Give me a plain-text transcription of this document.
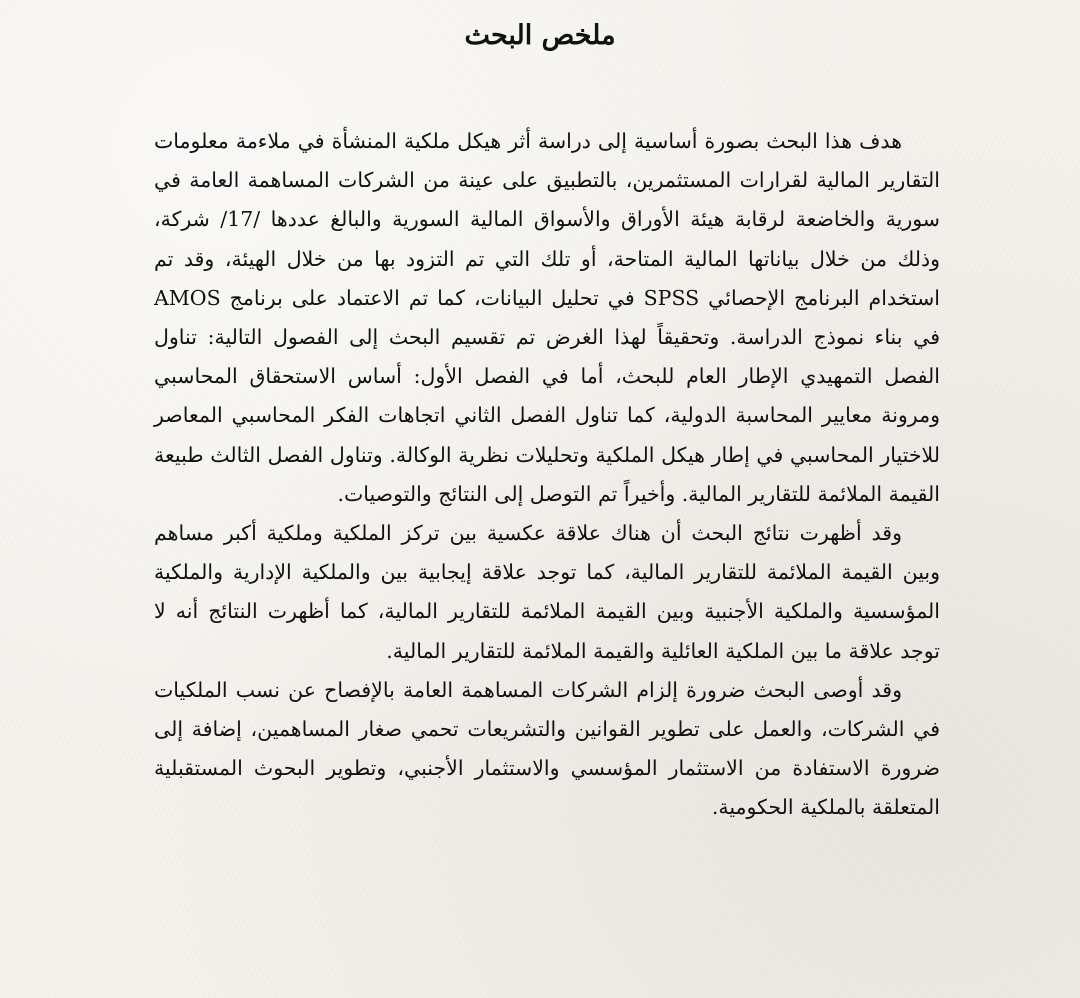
ملخص البحث

هدف هذا البحث بصورة أساسية إلى دراسة أثر هيكل ملكية المنشأة في ملاءمة معلومات التقارير المالية لقرارات المستثمرين، بالتطبيق على عينة من الشركات المساهمة العامة في سورية والخاضعة لرقابة هيئة الأوراق والأسواق المالية السورية والبالغ عددها /17/ شركة، وذلك من خلال بياناتها المالية المتاحة، أو تلك التي تم التزود بها من خلال الهيئة، وقد تم استخدام البرنامج الإحصائي SPSS في تحليل البيانات، كما تم الاعتماد على برنامج AMOS في بناء نموذج الدراسة. وتحقيقاً لهذا الغرض تم تقسيم البحث إلى الفصول التالية: تناول الفصل التمهيدي الإطار العام للبحث، أما في الفصل الأول: أساس الاستحقاق المحاسبي ومرونة معايير المحاسبة الدولية، كما تناول الفصل الثاني اتجاهات الفكر المحاسبي المعاصر للاختيار المحاسبي في إطار هيكل الملكية وتحليلات نظرية الوكالة. وتناول الفصل الثالث طبيعة القيمة الملائمة للتقارير المالية. وأخيراً تم التوصل إلى النتائج والتوصيات.

وقد أظهرت نتائج البحث أن هناك علاقة عكسية بين تركز الملكية وملكية أكبر مساهم وبين القيمة الملائمة للتقارير المالية، كما توجد علاقة إيجابية بين والملكية الإدارية والملكية المؤسسية والملكية الأجنبية وبين القيمة الملائمة للتقارير المالية، كما أظهرت النتائج أنه لا توجد علاقة ما بين الملكية العائلية والقيمة الملائمة للتقارير المالية.

وقد أوصى البحث ضرورة إلزام الشركات المساهمة العامة بالإفصاح عن نسب الملكيات في الشركات، والعمل على تطوير القوانين والتشريعات تحمي صغار المساهمين، إضافة إلى ضرورة الاستفادة من الاستثمار المؤسسي والاستثمار الأجنبي، وتطوير البحوث المستقبلية المتعلقة بالملكية الحكومية.
